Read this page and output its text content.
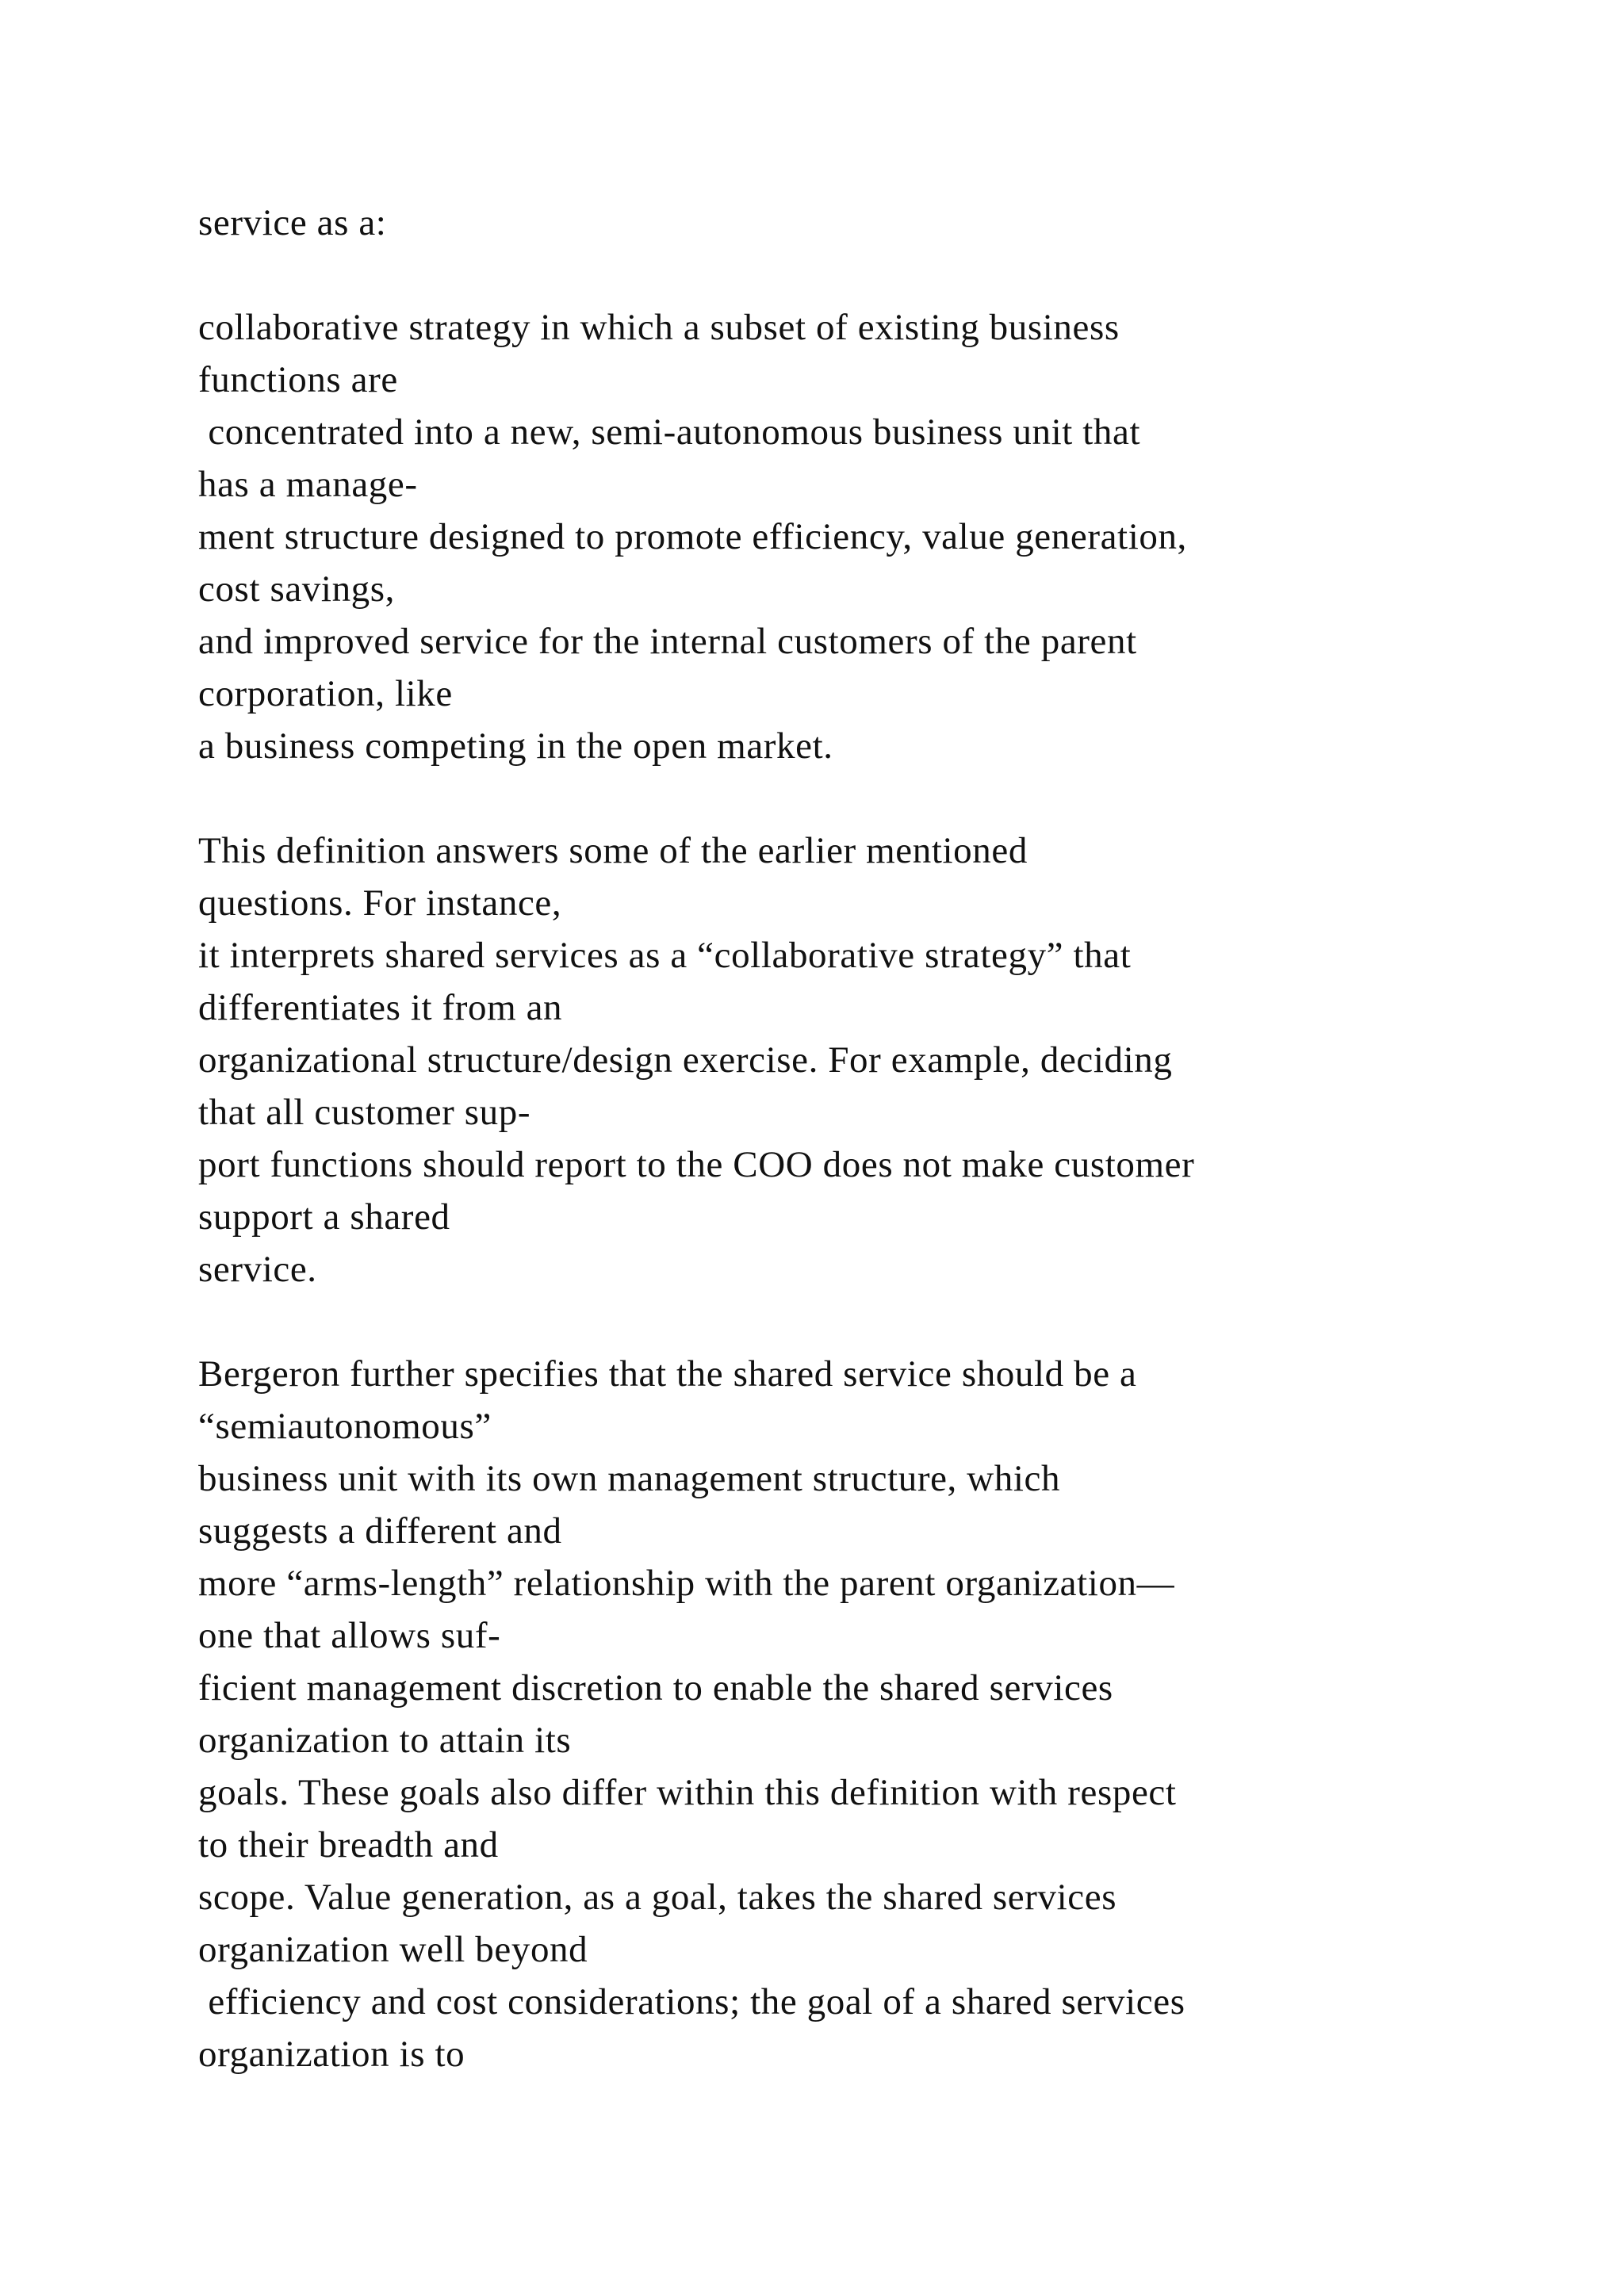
service as a:
collaborative strategy in which a subset of existing business
functions are
concentrated into a new, semi-autonomous business unit that
has a manage-
ment structure designed to promote efficiency, value generation,
cost savings,
and improved service for the internal customers of the parent
corporation, like
a business competing in the open market.
This definition answers some of the earlier mentioned
questions. For instance,
it interprets shared services as a “collaborative strategy” that
differentiates it from an
organizational structure/design exercise. For example, deciding
that all customer sup-
port functions should report to the COO does not make customer
support a shared
service.
Bergeron further specifies that the shared service should be a
“semiautonomous”
business unit with its own management structure, which
suggests a different and
more “arms-length” relationship with the parent organization—
one that allows suf-
ficient management discretion to enable the shared services
organization to attain its
goals. These goals also differ within this definition with respect
to their breadth and
scope. Value generation, as a goal, takes the shared services
organization well beyond
efficiency and cost considerations; the goal of a shared services
organization is to
